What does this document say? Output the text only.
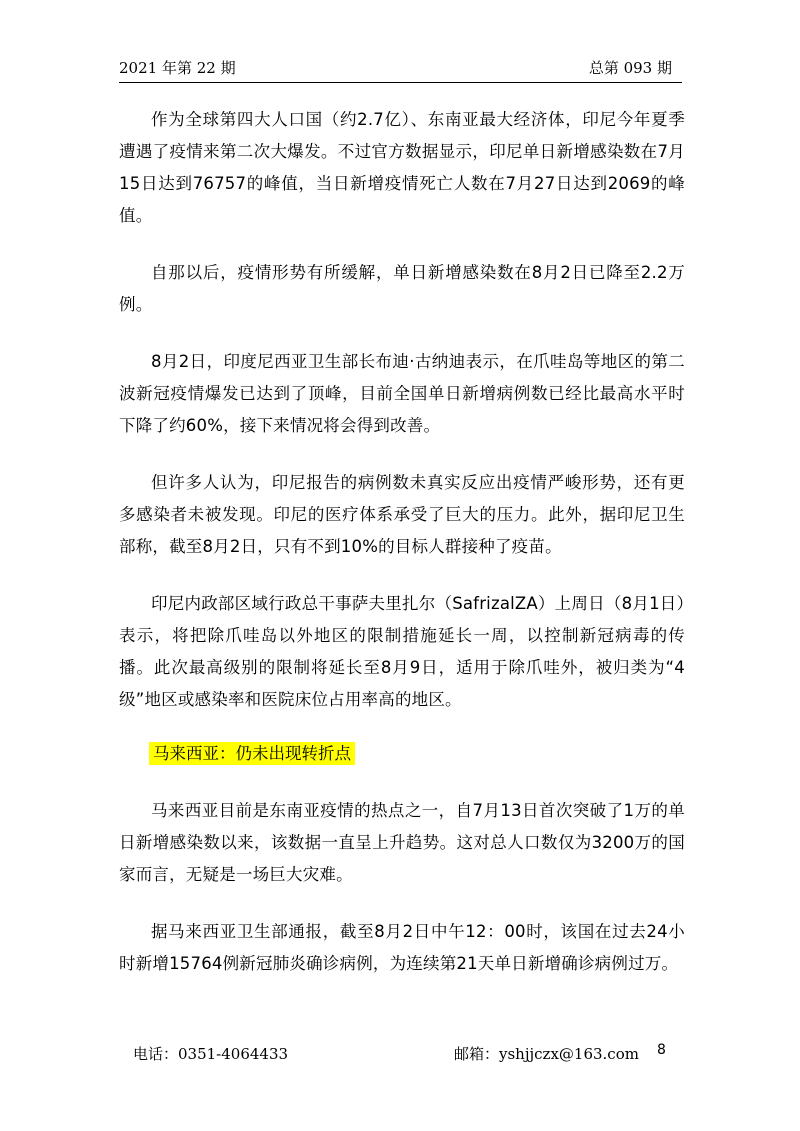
2021 年第 22 期	总第 093 期

作为全球第四大人口国（约2.7亿）、东南亚最大经济体，印尼今年夏季遭遇了疫情来第二次大爆发。不过官方数据显示，印尼单日新增感染数在7月15日达到76757的峰值，当日新增疫情死亡人数在7月27日达到2069的峰值。

自那以后，疫情形势有所缓解，单日新增感染数在8月2日已降至2.2万例。

8月2日，印度尼西亚卫生部长布迪·古纳迪表示，在爪哇岛等地区的第二波新冠疫情爆发已达到了顶峰，目前全国单日新增病例数已经比最高水平时下降了约60%，接下来情况将会得到改善。

但许多人认为，印尼报告的病例数未真实反应出疫情严峻形势，还有更多感染者未被发现。印尼的医疗体系承受了巨大的压力。此外，据印尼卫生部称，截至8月2日，只有不到10%的目标人群接种了疫苗。

印尼内政部区域行政总干事萨夫里扎尔（SafrizalZA）上周日（8月1日）表示，将把除爪哇岛以外地区的限制措施延长一周，以控制新冠病毒的传播。此次最高级别的限制将延长至8月9日，适用于除爪哇外，被归类为“4级”地区或感染率和医院床位占用率高的地区。

马来西亚：仍未出现转折点

马来西亚目前是东南亚疫情的热点之一，自7月13日首次突破了1万的单日新增感染数以来，该数据一直呈上升趋势。这对总人口数仅为3200万的国家而言，无疑是一场巨大灾难。

据马来西亚卫生部通报，截至8月2日中午12：00时，该国在过去24小时新增15764例新冠肺炎确诊病例，为连续第21天单日新增确诊病例过万。

电话：0351-4064433	邮箱：yshjjczx@163.com 8
